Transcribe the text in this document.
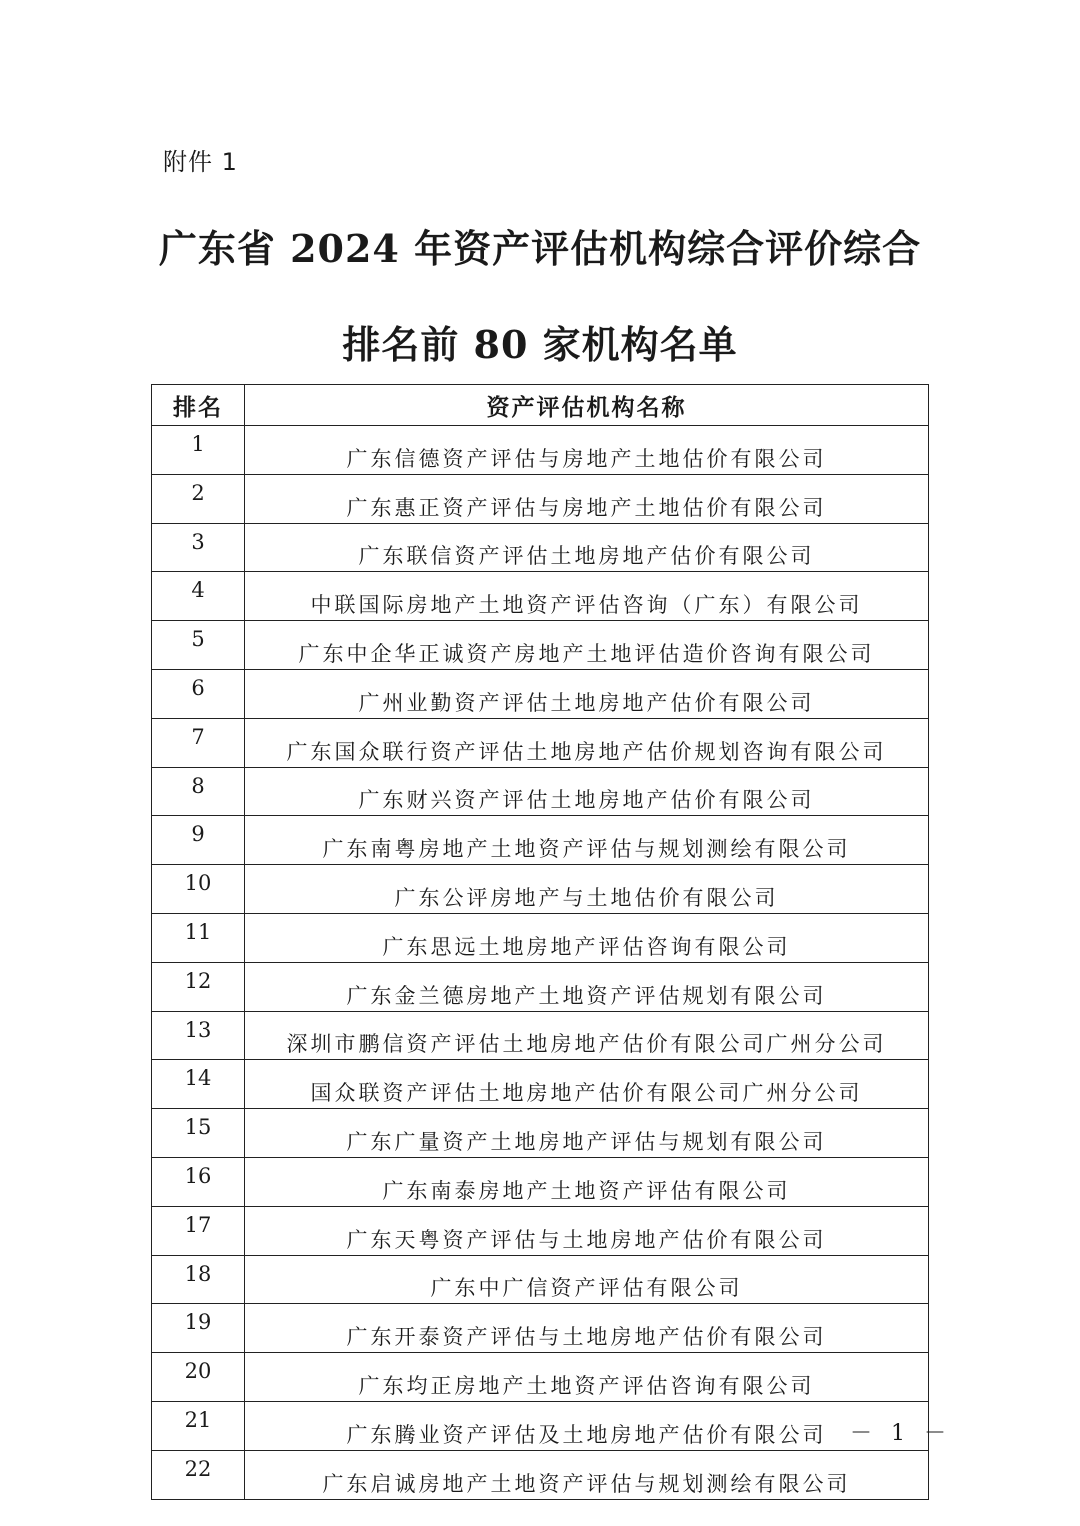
附件 1
广东省 2024 年资产评估机构综合评价综合
排名前 80 家机构名单
排名	资产评估机构名称
1	广东信德资产评估与房地产土地估价有限公司
2	广东惠正资产评估与房地产土地估价有限公司
3	广东联信资产评估土地房地产估价有限公司
4	中联国际房地产土地资产评估咨询（广东）有限公司
5	广东中企华正诚资产房地产土地评估造价咨询有限公司
6	广州业勤资产评估土地房地产估价有限公司
7	广东国众联行资产评估土地房地产估价规划咨询有限公司
8	广东财兴资产评估土地房地产估价有限公司
9	广东南粤房地产土地资产评估与规划测绘有限公司
10	广东公评房地产与土地估价有限公司
11	广东思远土地房地产评估咨询有限公司
12	广东金兰德房地产土地资产评估规划有限公司
13	深圳市鹏信资产评估土地房地产估价有限公司广州分公司
14	国众联资产评估土地房地产估价有限公司广州分公司
15	广东广量资产土地房地产评估与规划有限公司
16	广东南泰房地产土地资产评估有限公司
17	广东天粤资产评估与土地房地产估价有限公司
18	广东中广信资产评估有限公司
19	广东开泰资产评估与土地房地产估价有限公司
20	广东均正房地产土地资产评估咨询有限公司
21	广东腾业资产评估及土地房地产估价有限公司
22	广东启诚房地产土地资产评估与规划测绘有限公司
－ 1 －
